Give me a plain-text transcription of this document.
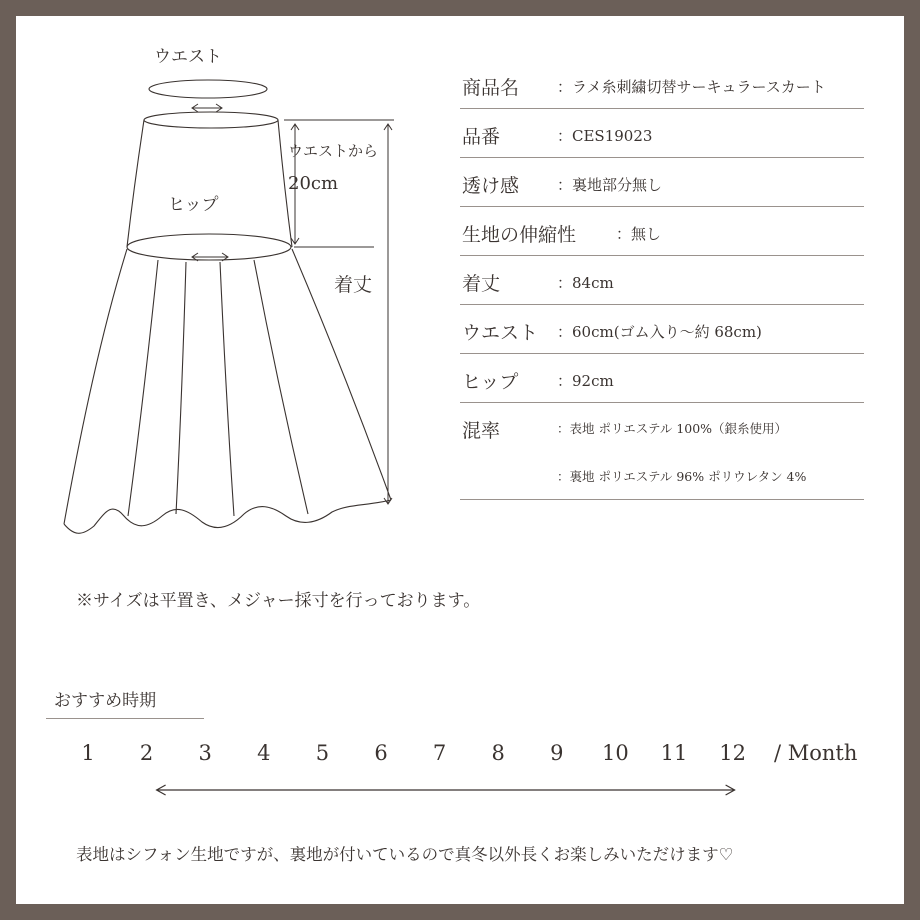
ウエスト
ウエストから
20cm
ヒップ
着丈
商品名	：ラメ糸刺繍切替サーキュラースカート
品番	：CES19023
透け感	：裏地部分無し
生地の伸縮性	：無し
着丈	：84cm
ウエスト ：60cm(ゴム入り～約 68cm)
ヒップ	：92cm
混率	：表地 ポリエステル 100%（銀糸使用）
：裏地 ポリエステル 96% ポリウレタン 4%
※サイズは平置き、メジャー採寸を行っております。
おすすめ時期
1	2	3	4	5	6	7	8	9	10 11 12 / Month
表地はシフォン生地ですが、裏地が付いているので真冬以外長くお楽しみいただけます♡
